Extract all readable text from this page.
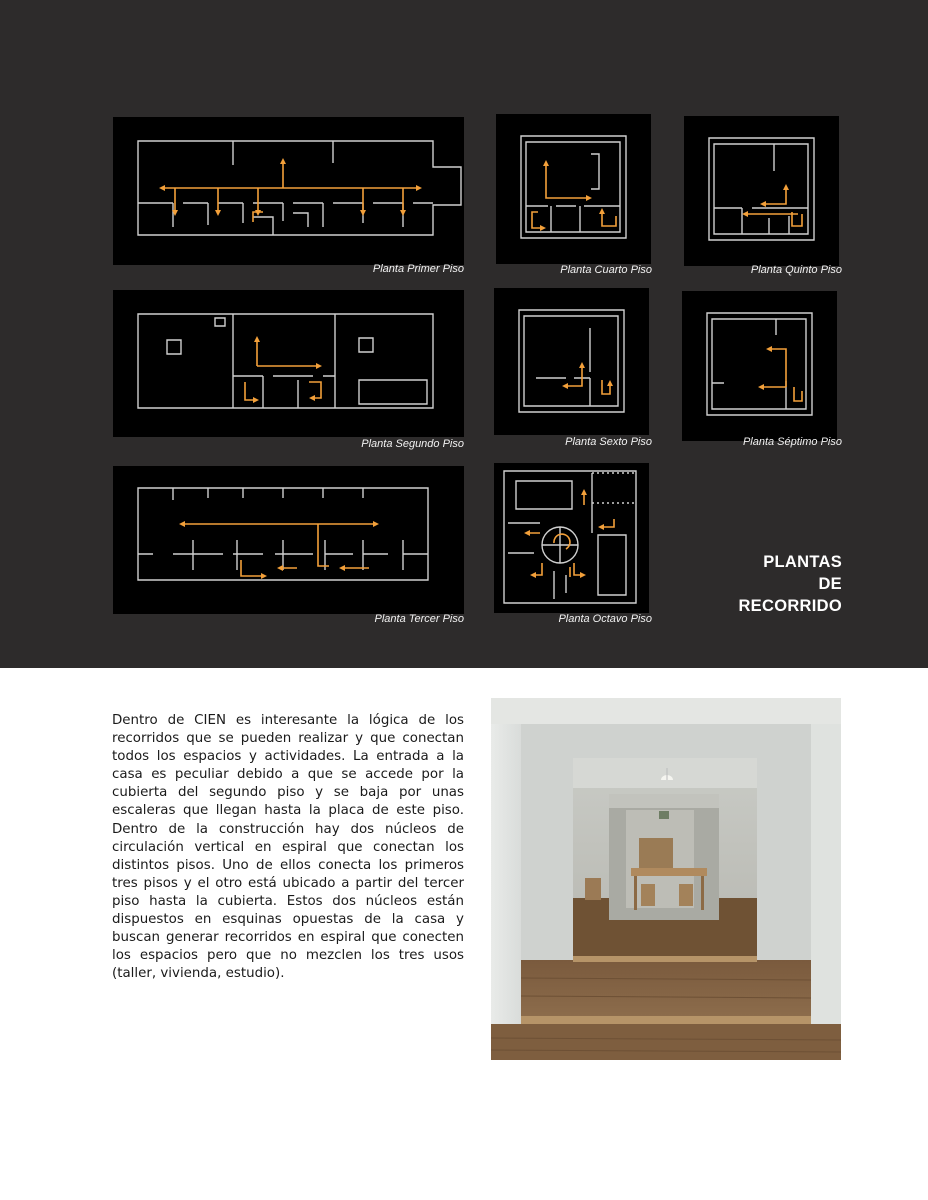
Planta Primer Piso	Planta Cuarto Piso	Planta Quinto Piso
Planta Segundo Piso	Planta Sexto Piso	Planta Séptimo Piso
Planta Tercer Piso	Planta Octavo Piso
PLANTAS
DE
RECORRIDO

Dentro de CIEN es interesante la lógica de los recorridos que se pueden realizar y que conectan todos los espacios y actividades. La entrada a la casa es peculiar debido a que se accede por la cubierta del segundo piso y se baja por unas escaleras que llegan hasta la placa de este piso. Dentro de la construcción hay dos núcleos de circulación vertical en espiral que conectan los distintos pisos. Uno de ellos conecta los primeros tres pisos y el otro está ubicado a partir del tercer piso hasta la cubierta. Estos dos núcleos están dispuestos en esquinas opuestas de la casa y buscan generar recorridos en espiral que conecten los espacios pero que no mezclen los tres usos (taller, vivienda, estudio).
